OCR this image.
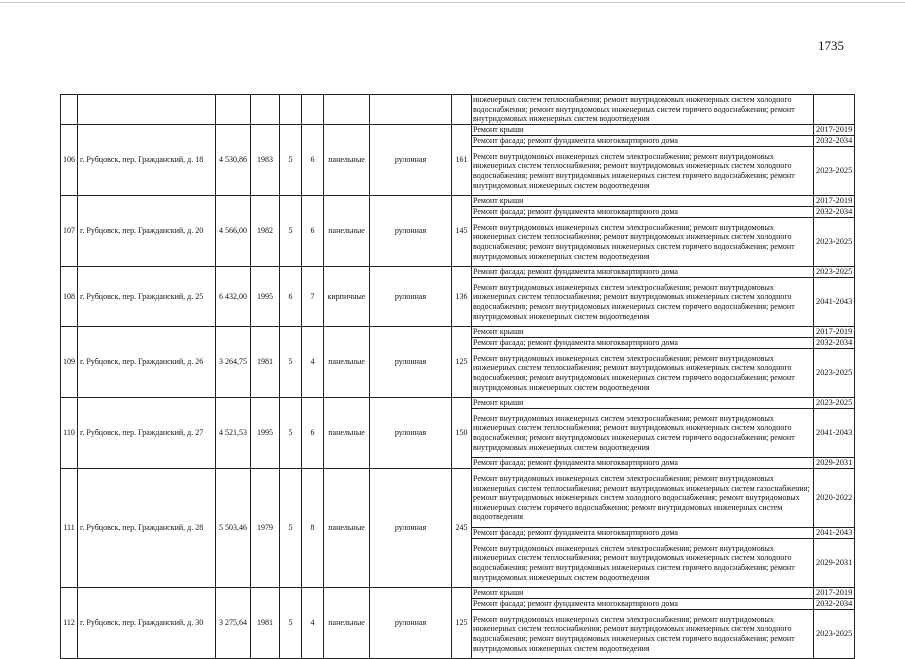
1735
									инженерных систем теплоснабжения; ремонт внутридомовых инженерных систем холодного водоснабжения; ремонт внутридомовых инженерных систем горячего водоснабжения; ремонт внутридомовых инженерных систем водоотведения	
106	г. Рубцовск, пер. Гражданский, д. 18	4 530,86	1983	5	6	панельные	рулонная	161	Ремонт крыши	2017-2019
									Ремонт фасада; ремонт фундамента многоквартирного дома	2032-2034
									Ремонт внутридомовых инженерных систем электроснабжения; ремонт внутридомовых инженерных систем теплоснабжения; ремонт внутридомовых инженерных систем холодного водоснабжения; ремонт внутридомовых инженерных систем горячего водоснабжения; ремонт внутридомовых инженерных систем водоотведения	2023-2025
107	г. Рубцовск, пер. Гражданский, д. 20	4 566,00	1982	5	6	панельные	рулонная	145	Ремонт крыши	2017-2019
									Ремонт фасада; ремонт фундамента многоквартирного дома	2032-2034
									Ремонт внутридомовых инженерных систем электроснабжения; ремонт внутридомовых инженерных систем теплоснабжения; ремонт внутридомовых инженерных систем холодного водоснабжения; ремонт внутридомовых инженерных систем горячего водоснабжения; ремонт внутридомовых инженерных систем водоотведения	2023-2025
108	г. Рубцовск, пер. Гражданский, д. 25	6 432,00	1995	6	7	кирпичные	рулонная	136	Ремонт фасада; ремонт фундамента многоквартирного дома	2023-2025
									Ремонт внутридомовых инженерных систем электроснабжения; ремонт внутридомовых инженерных систем теплоснабжения; ремонт внутридомовых инженерных систем холодного водоснабжения; ремонт внутридомовых инженерных систем горячего водоснабжения; ремонт внутридомовых инженерных систем водоотведения	2041-2043
109	г. Рубцовск, пер. Гражданский, д. 26	3 264,75	1981	5	4	панельные	рулонная	125	Ремонт крыши	2017-2019
									Ремонт фасада; ремонт фундамента многоквартирного дома	2032-2034
									Ремонт внутридомовых инженерных систем электроснабжения; ремонт внутридомовых инженерных систем теплоснабжения; ремонт внутридомовых инженерных систем холодного водоснабжения; ремонт внутридомовых инженерных систем горячего водоснабжения; ремонт внутридомовых инженерных систем водоотведения	2023-2025
110	г. Рубцовск, пер. Гражданский, д. 27	4 521,53	1995	5	6	панельные	рулонная	150	Ремонт крыши	2023-2025
									Ремонт внутридомовых инженерных систем электроснабжения; ремонт внутридомовых инженерных систем теплоснабжения; ремонт внутридомовых инженерных систем холодного водоснабжения; ремонт внутридомовых инженерных систем горячего водоснабжения; ремонт внутридомовых инженерных систем водоотведения	2041-2043
									Ремонт фасада; ремонт фундамента многоквартирного дома	2029-2031
111	г. Рубцовск, пер. Гражданский, д. 28	5 503,46	1979	5	8	панельные	рулонная	245	Ремонт внутридомовых инженерных систем электроснабжения; ремонт внутридомовых инженерных систем теплоснабжения; ремонт внутридомовых инженерных систем газоснабжения; ремонт внутридомовых инженерных систем холодного водоснабжения; ремонт внутридомовых инженерных систем горячего водоснабжения; ремонт внутридомовых инженерных систем водоотведения	2020-2022
									Ремонт фасада; ремонт фундамента многоквартирного дома	2041-2043
									Ремонт внутридомовых инженерных систем электроснабжения; ремонт внутридомовых инженерных систем теплоснабжения; ремонт внутридомовых инженерных систем холодного водоснабжения; ремонт внутридомовых инженерных систем горячего водоснабжения; ремонт внутридомовых инженерных систем водоотведения	2029-2031
112	г. Рубцовск, пер. Гражданский, д. 30	3 275,64	1981	5	4	панельные	рулонная	125	Ремонт крыши	2017-2019
									Ремонт фасада; ремонт фундамента многоквартирного дома	2032-2034
									Ремонт внутридомовых инженерных систем электроснабжения; ремонт внутридомовых инженерных систем теплоснабжения; ремонт внутридомовых инженерных систем холодного водоснабжения; ремонт внутридомовых инженерных систем горячего водоснабжения; ремонт внутридомовых инженерных систем водоотведения	2023-2025
